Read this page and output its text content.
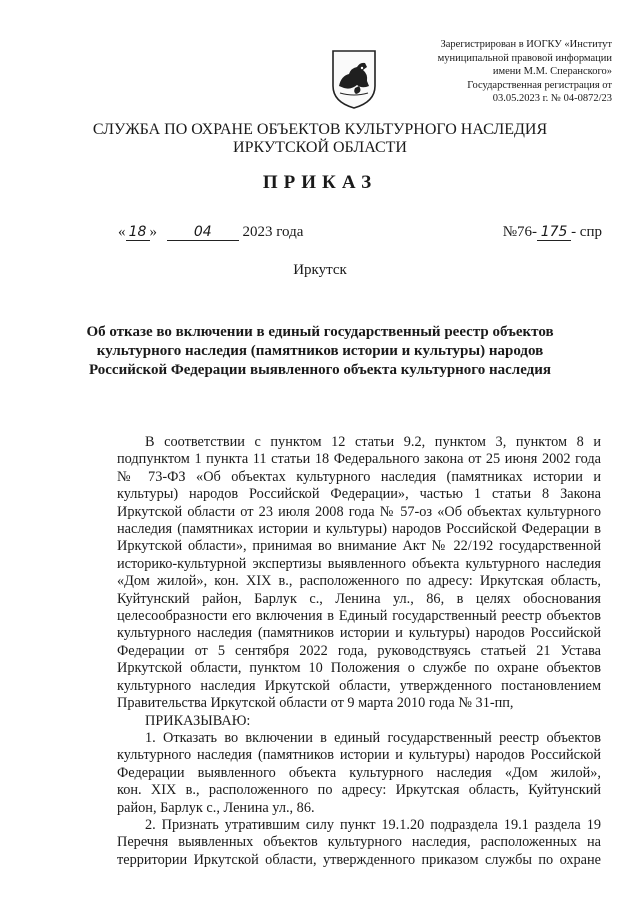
Зарегистрирован в ИОГКУ «Институт
муниципальной правовой информации
имени М.М. Сперанского»
Государственная регистрация от
03.05.2023 г. № 04-0872/23
СЛУЖБА ПО ОХРАНЕ ОБЪЕКТОВ КУЛЬТУРНОГО НАСЛЕДИЯ
ИРКУТСКОЙ ОБЛАСТИ
ПРИКАЗ
« 18 »	04 2023 года	№76- 175 - спр
Иркутск
Об отказе во включении в единый государственный реестр объектов
культурного наследия (памятников истории и культуры) народов
Российской Федерации выявленного объекта культурного наследия
В соответствии с пунктом 12 статьи 9.2, пунктом 3, пунктом 8 и
подпунктом 1 пункта 11 статьи 18 Федерального закона от 25 июня 2002 года
№ 73-ФЗ «Об объектах культурного наследия (памятниках истории и
культуры) народов Российской Федерации», частью 1 статьи 8 Закона
Иркутской области от 23 июля 2008 года № 57-оз «Об объектах культурного
наследия (памятниках истории и культуры) народов Российской Федерации в
Иркутской области», принимая во внимание Акт № 22/192 государственной
историко-культурной экспертизы выявленного объекта культурного наследия
«Дом жилой», кон. XIX в., расположенного по адресу: Иркутская область,
Куйтунский район, Барлук с., Ленина ул., 86, в целях обоснования
целесообразности его включения в Единый государственный реестр объектов
культурного наследия (памятников истории и культуры) народов Российской
Федерации от 5 сентября 2022 года, руководствуясь статьей 21 Устава
Иркутской области, пунктом 10 Положения о службе по охране объектов
культурного наследия Иркутской области, утвержденного постановлением
Правительства Иркутской области от 9 марта 2010 года № 31-пп,
ПРИКАЗЫВАЮ:
1. Отказать во включении в единый государственный реестр объектов
культурного наследия (памятников истории и культуры) народов Российской
Федерации выявленного объекта культурного наследия «Дом жилой»,
кон. XIX в., расположенного по адресу: Иркутская область, Куйтунский
район, Барлук с., Ленина ул., 86.
2. Признать утратившим силу пункт 19.1.20 подраздела 19.1 раздела 19
Перечня выявленных объектов культурного наследия, расположенных на
территории Иркутской области, утвержденного приказом службы по охране
